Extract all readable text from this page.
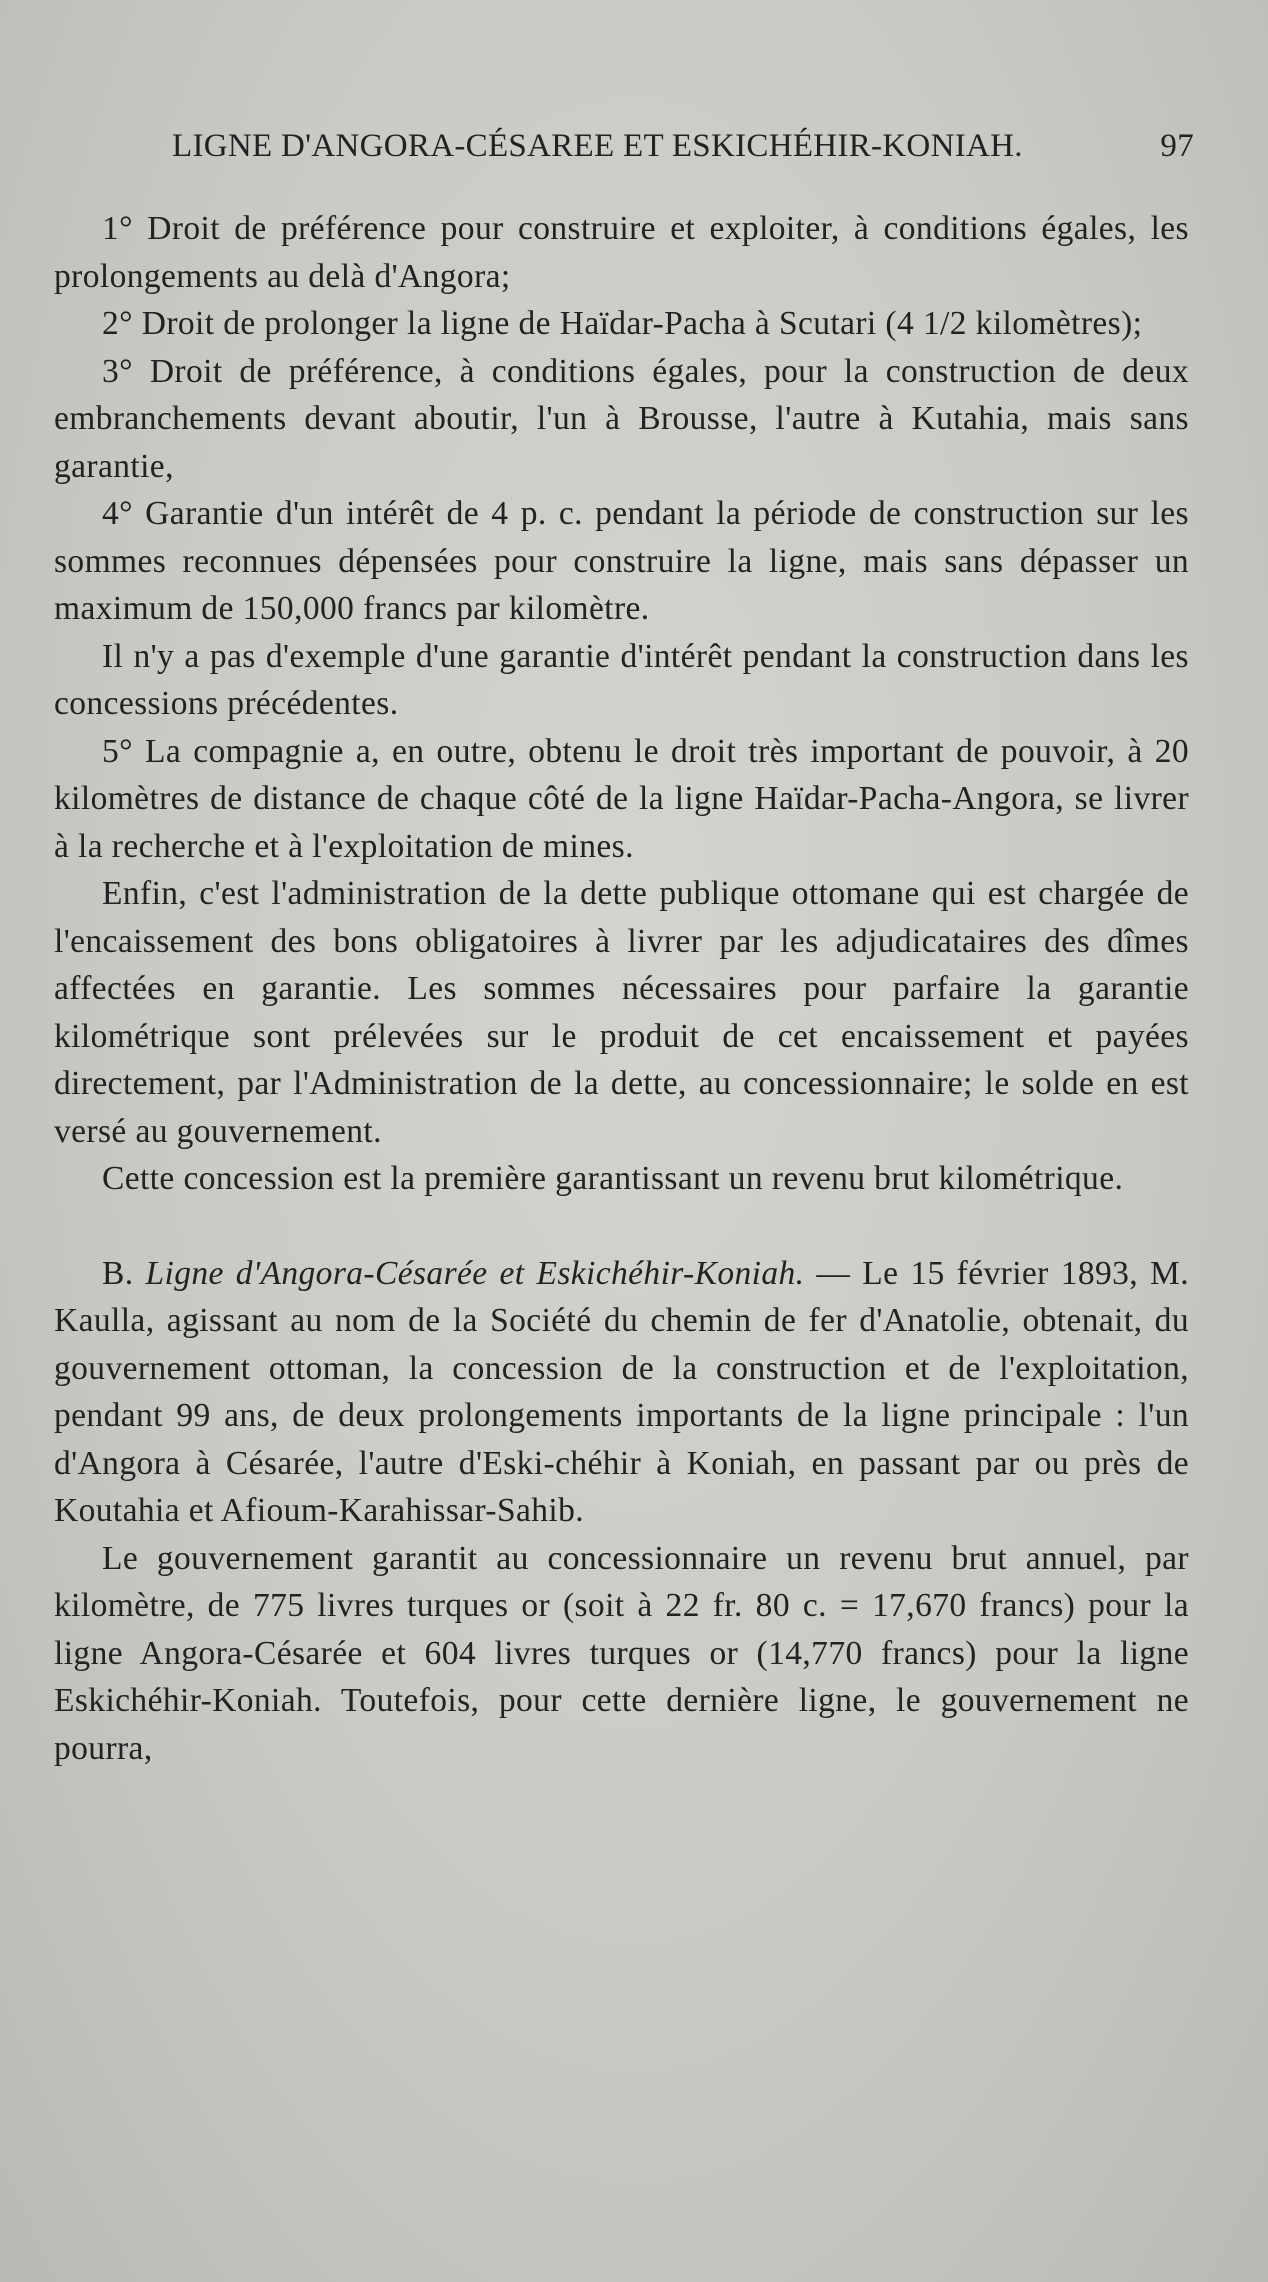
LIGNE D'ANGORA-CÉSAREE ET ESKICHÉHIR-KONIAH.	97

1° Droit de préférence pour construire et exploiter, à conditions égales, les prolongements au delà d'Angora;

2° Droit de prolonger la ligne de Haïdar-Pacha à Scutari (4 1/2 kilomètres);

3° Droit de préférence, à conditions égales, pour la construction de deux embranchements devant aboutir, l'un à Brousse, l'autre à Kutahia, mais sans garantie,

4° Garantie d'un intérêt de 4 p. c. pendant la période de construction sur les sommes reconnues dépensées pour construire la ligne, mais sans dépasser un maximum de 150,000 francs par kilomètre.

Il n'y a pas d'exemple d'une garantie d'intérêt pendant la construction dans les concessions précédentes.

5° La compagnie a, en outre, obtenu le droit très important de pouvoir, à 20 kilomètres de distance de chaque côté de la ligne Haïdar-Pacha-Angora, se livrer à la recherche et à l'exploitation de mines.

Enfin, c'est l'administration de la dette publique ottomane qui est chargée de l'encaissement des bons obligatoires à livrer par les adjudicataires des dîmes affectées en garantie. Les sommes nécessaires pour parfaire la garantie kilométrique sont prélevées sur le produit de cet encaissement et payées directement, par l'Administration de la dette, au concessionnaire; le solde en est versé au gouvernement.

Cette concession est la première garantissant un revenu brut kilométrique.

B. Ligne d'Angora-Césarée et Eskichéhir-Koniah. — Le 15 février 1893, M. Kaulla, agissant au nom de la Société du chemin de fer d'Anatolie, obtenait, du gouvernement ottoman, la concession de la construction et de l'exploitation, pendant 99 ans, de deux prolongements importants de la ligne principale : l'un d'Angora à Césarée, l'autre d'Eski-chéhir à Koniah, en passant par ou près de Koutahia et Afioum-Karahissar-Sahib.

Le gouvernement garantit au concessionnaire un revenu brut annuel, par kilomètre, de 775 livres turques or (soit à 22 fr. 80 c. = 17,670 francs) pour la ligne Angora-Césarée et 604 livres turques or (14,770 francs) pour la ligne Eskichéhir-Koniah. Toutefois, pour cette dernière ligne, le gouvernement ne pourra,
